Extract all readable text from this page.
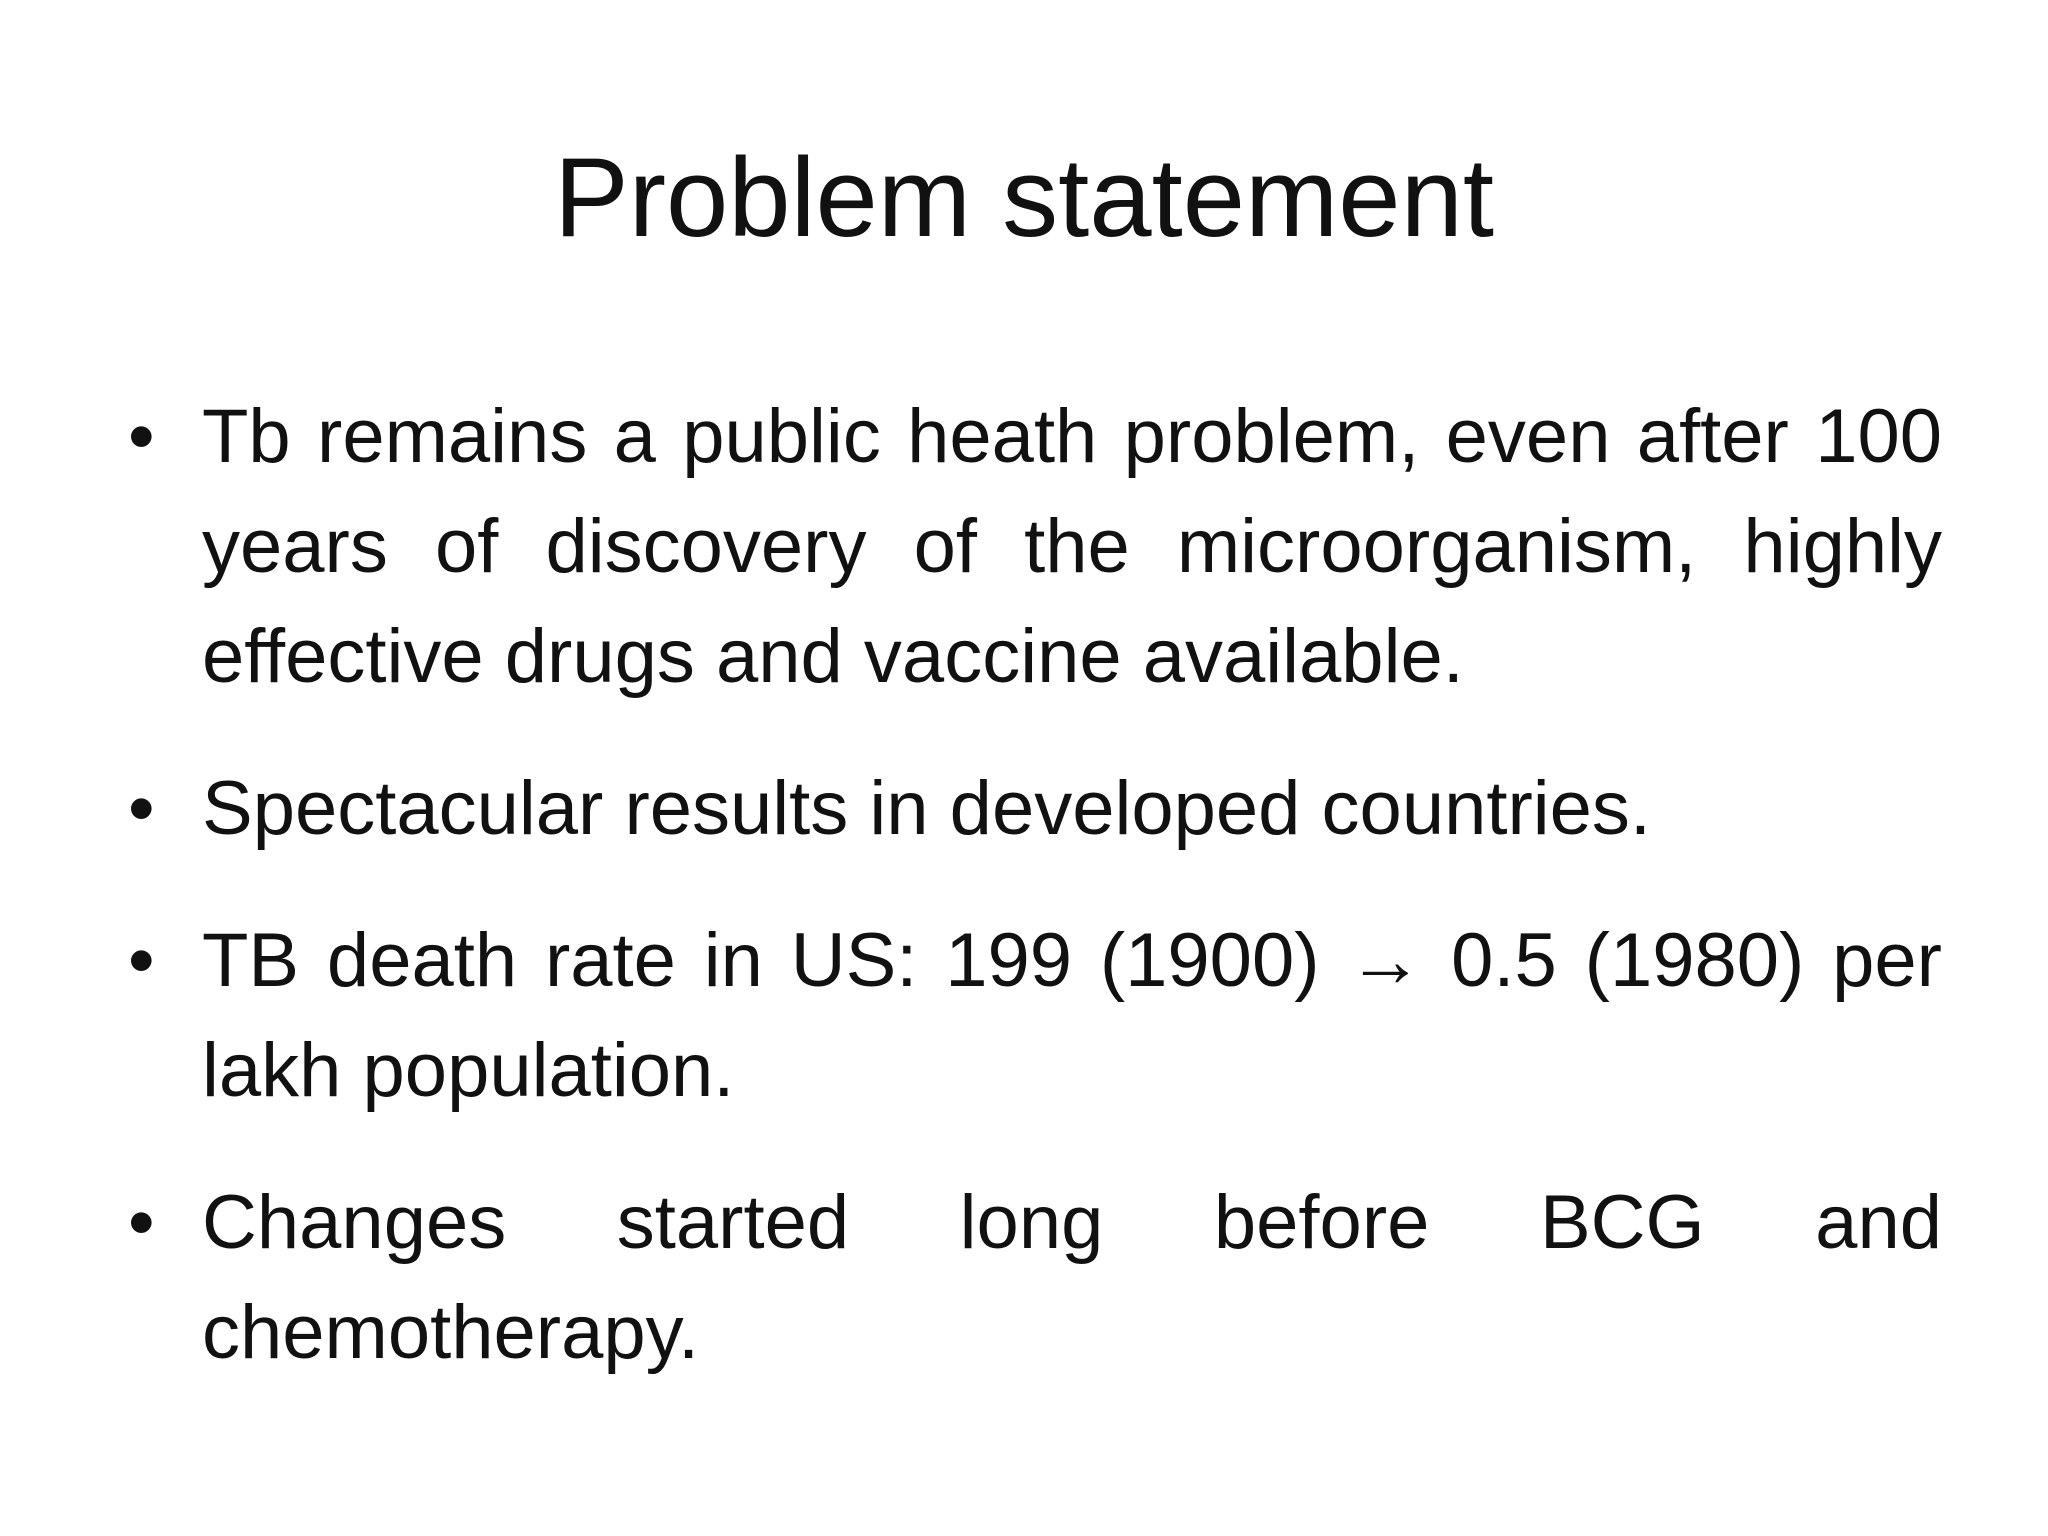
Problem statement
• Tb remains a public heath problem, even after 100 years of discovery of the microorganism, highly effective drugs and vaccine available.
• Spectacular results in developed countries.
• TB death rate in US: 199 (1900) → 0.5 (1980) per lakh population.
• Changes started long before BCG and chemotherapy.
